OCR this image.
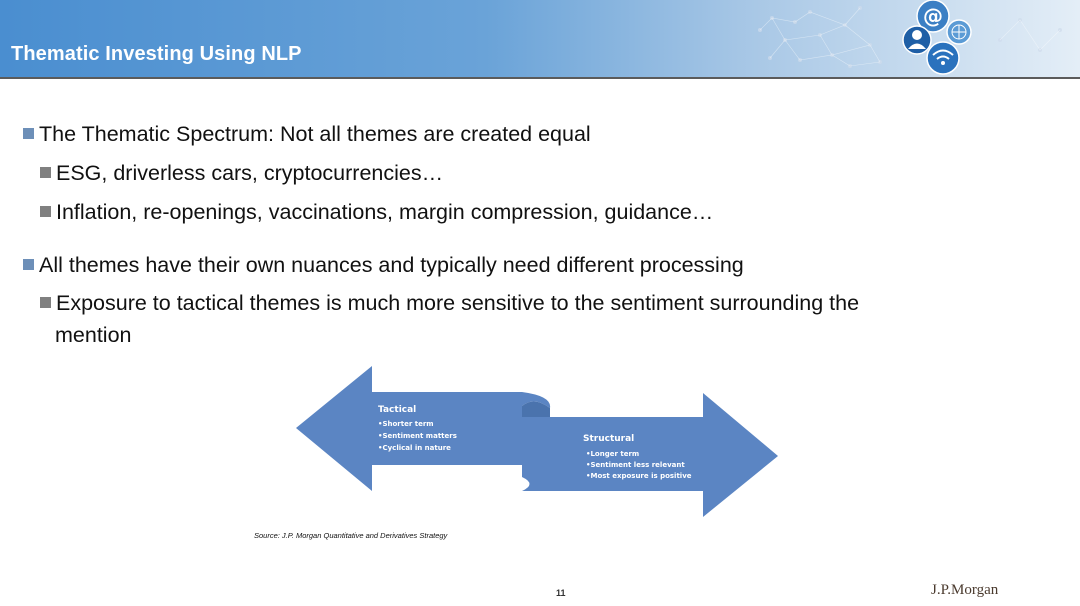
@
Thematic Investing Using NLP
The Thematic Spectrum: Not all themes are created equal
ESG, driverless cars, cryptocurrencies…
Inflation, re-openings, vaccinations, margin compression, guidance…
All themes have their own nuances and typically need different processing
Exposure to tactical themes is much more sensitive to the sentiment surrounding the
mention
Tactical
•Shorter term
•Sentiment matters
•Cyclical in nature
Structural
•Longer term
•Sentiment less relevant
•Most exposure is positive
Source: J.P. Morgan Quantitative and Derivatives Strategy
11	J.P.Morgan
